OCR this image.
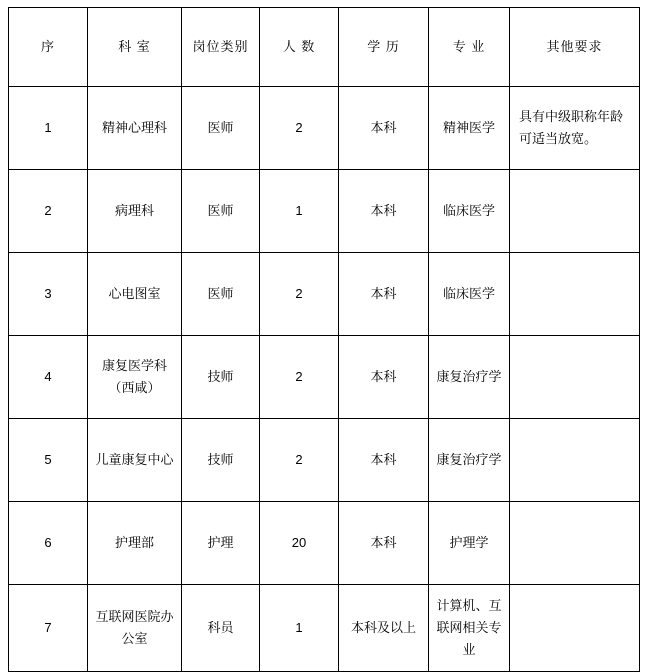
序	科 室	岗位类别	人 数	学 历	专 业	其他要求
1	精神心理科	医师	2	本科	精神医学	具有中级职称年龄可适当放宽。

2	病理科	医师	1	本科	临床医学	

3	心电图室	医师	2	本科	临床医学	

4	康复医学科（西咸）	技师	2	本科	康复治疗学	

5	儿童康复中心	技师	2	本科	康复治疗学	

6	护理部	护理	20	本科	护理学	

7	互联网医院办公室	科员	1	本科及以上	计算机、互联网相关专业	
